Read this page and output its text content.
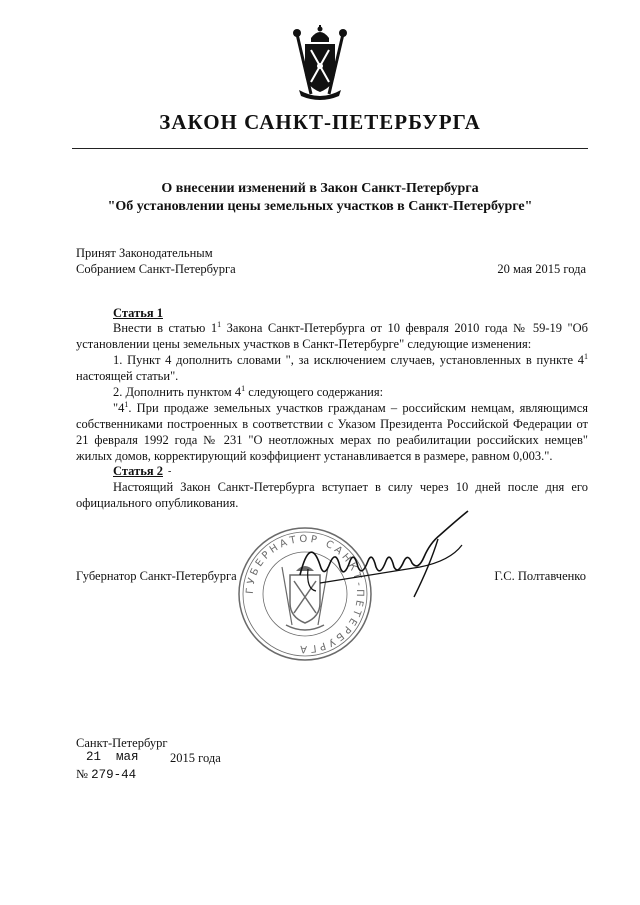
ЗАКОН САНКТ-ПЕТЕРБУРГА
О внесении изменений в Закон Санкт-Петербурга
"Об установлении цены земельных участков в Санкт-Петербурге"
Принят Законодательным
Собранием Санкт-Петербурга	20 мая 2015 года
Статья 1

Внести в статью $1^1$ Закона Санкт-Петербурга от 10 февраля 2010 года № 59-19 "Об установлении цены земельных участков в Санкт-Петербурге" следующие изменения:

1. Пункт 4 дополнить словами ", за исключением случаев, установленных в пункте $4^1$ настоящей статьи".

2. Дополнить пунктом $4^1$ следующего содержания:

"$4^1$. При продаже земельных участков гражданам – российским немцам, являющимся собственниками построенных в соответствии с Указом Президента Российской Федерации от 21 февраля 1992 года № 231 "О неотложных мерах по реабилитации российских немцев" жилых домов, корректирующий коэффициент устанавливается в размере, равном 0,003.".

Статья 2 -

Настоящий Закон Санкт-Петербурга вступает в силу через 10 дней после дня его официального опубликования.

ГУБЕРНАТОР САНКТ-ПЕТЕРБУРГА
Губернатор Санкт-Петербурга	Г.С. Полтавченко
Санкт-Петербург
21 мая	2015 года
№ 279-44
